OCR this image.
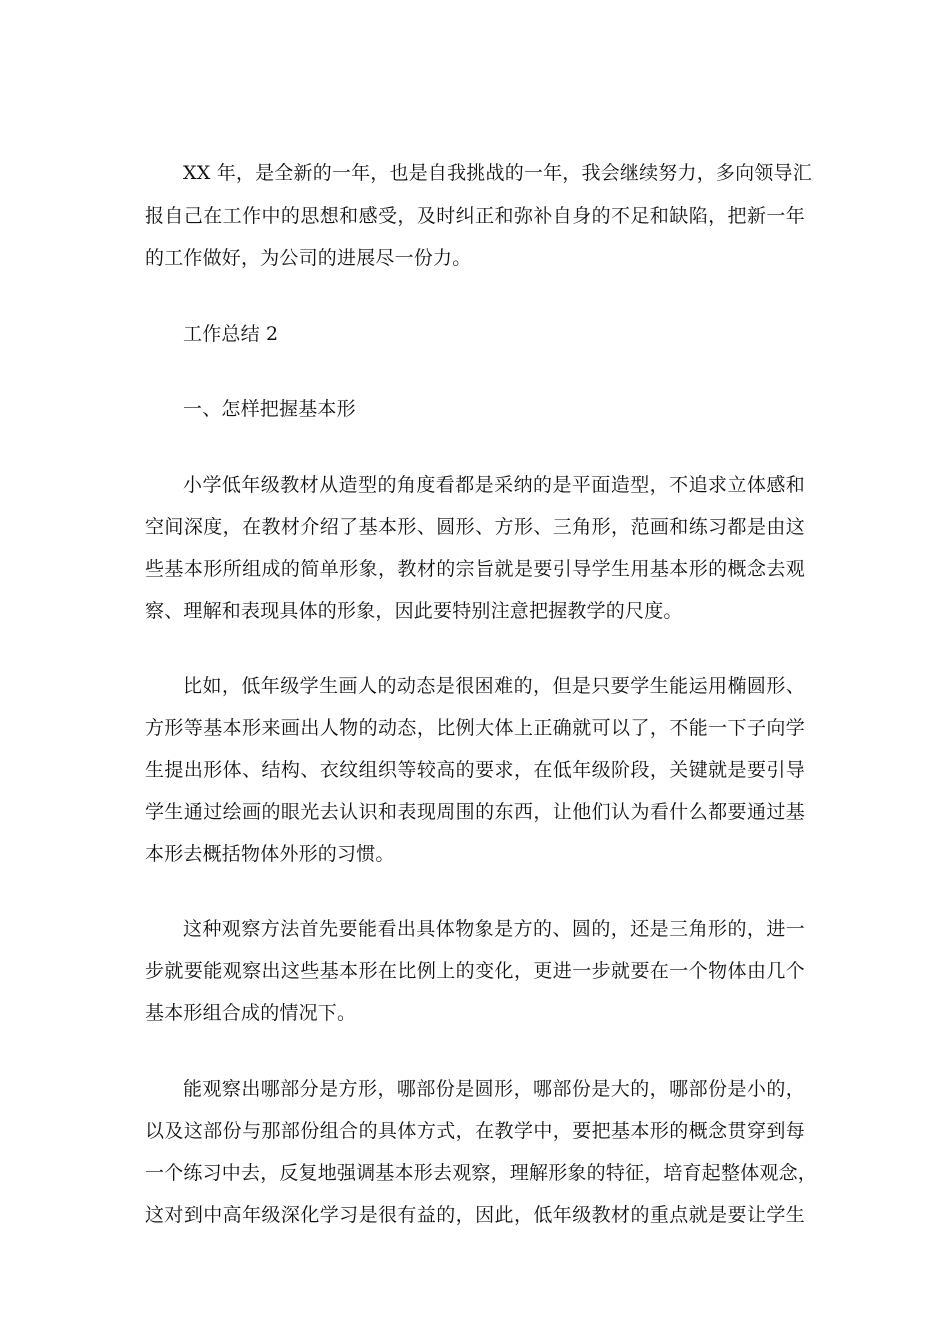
XX 年，是全新的一年，也是自我挑战的一年，我会继续努力，多向领导汇
报自己在工作中的思想和感受，及时纠正和弥补自身的不足和缺陷，把新一年
的工作做好，为公司的进展尽一份力。
工作总结 2
一、怎样把握基本形
小学低年级教材从造型的角度看都是采纳的是平面造型，不追求立体感和
空间深度，在教材介绍了基本形、圆形、方形、三角形，范画和练习都是由这
些基本形所组成的简单形象，教材的宗旨就是要引导学生用基本形的概念去观
察、理解和表现具体的形象，因此要特别注意把握教学的尺度。
比如，低年级学生画人的动态是很困难的，但是只要学生能运用椭圆形、
方形等基本形来画出人物的动态，比例大体上正确就可以了，不能一下子向学
生提出形体、结构、衣纹组织等较高的要求，在低年级阶段，关键就是要引导
学生通过绘画的眼光去认识和表现周围的东西，让他们认为看什么都要通过基
本形去概括物体外形的习惯。
这种观察方法首先要能看出具体物象是方的、圆的，还是三角形的，进一
步就要能观察出这些基本形在比例上的变化，更进一步就要在一个物体由几个
基本形组合成的情况下。
能观察出哪部分是方形，哪部份是圆形，哪部份是大的，哪部份是小的，
以及这部份与那部份组合的具体方式，在教学中，要把基本形的概念贯穿到每
一个练习中去，反复地强调基本形去观察，理解形象的特征，培育起整体观念，
这对到中高年级深化学习是很有益的，因此，低年级教材的重点就是要让学生
